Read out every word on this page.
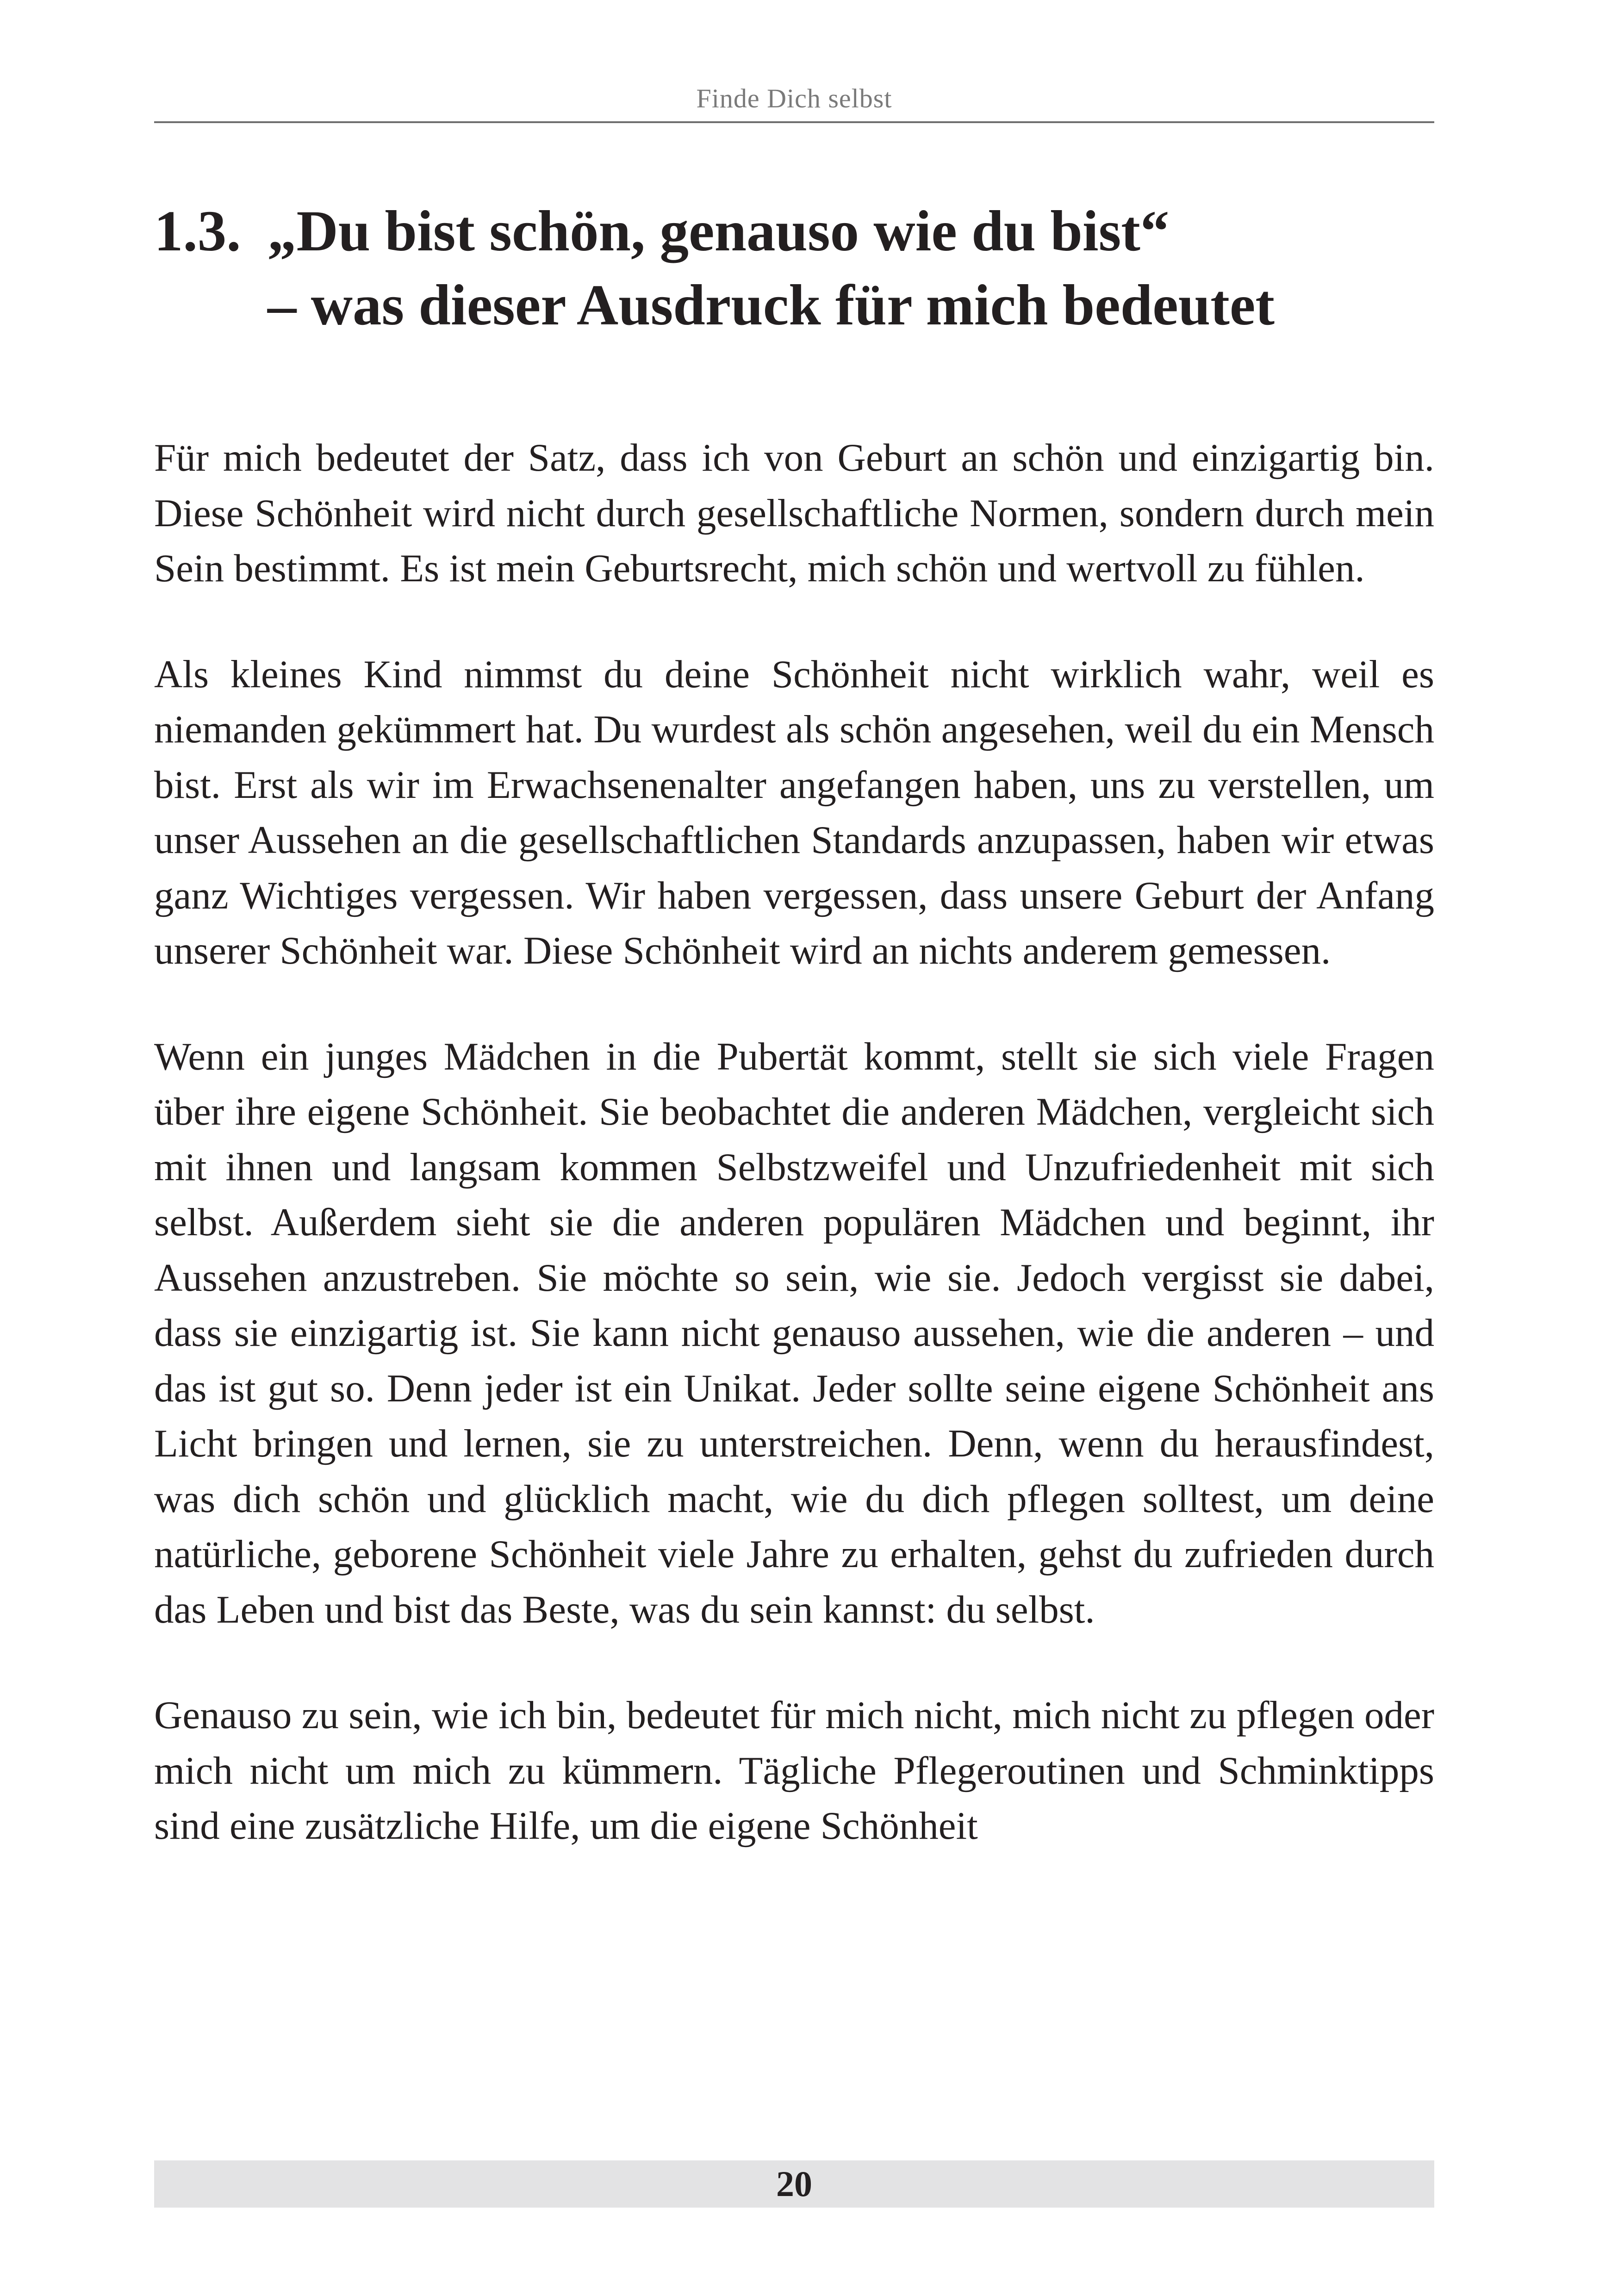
Finde Dich selbst
1.3. „Du bist schön, genauso wie du bist“
– was dieser Ausdruck für mich bedeutet

Für mich bedeutet der Satz, dass ich von Geburt an schön und einzigartig bin. Diese Schönheit wird nicht durch gesellschaftliche Normen, sondern durch mein Sein bestimmt. Es ist mein Geburtsrecht, mich schön und wertvoll zu fühlen.

Als kleines Kind nimmst du deine Schönheit nicht wirklich wahr, weil es niemanden gekümmert hat. Du wurdest als schön angesehen, weil du ein Mensch bist. Erst als wir im Erwachsenenalter angefangen haben, uns zu verstellen, um unser Aussehen an die gesellschaftlichen Standards anzupassen, haben wir etwas ganz Wichtiges vergessen. Wir haben vergessen, dass unsere Geburt der Anfang unserer Schönheit war. Diese Schönheit wird an nichts anderem gemessen.

Wenn ein junges Mädchen in die Pubertät kommt, stellt sie sich viele Fragen über ihre eigene Schönheit. Sie beobachtet die anderen Mädchen, vergleicht sich mit ihnen und langsam kommen Selbstzweifel und Unzufriedenheit mit sich selbst. Außerdem sieht sie die anderen populären Mädchen und beginnt, ihr Aussehen anzustreben. Sie möchte so sein, wie sie. Jedoch vergisst sie dabei, dass sie einzigartig ist. Sie kann nicht genauso aussehen, wie die anderen – und das ist gut so. Denn jeder ist ein Unikat. Jeder sollte seine eigene Schönheit ans Licht bringen und lernen, sie zu unterstreichen. Denn, wenn du herausfindest, was dich schön und glücklich macht, wie du dich pflegen solltest, um deine natürliche, geborene Schönheit viele Jahre zu erhalten, gehst du zufrieden durch das Leben und bist das Beste, was du sein kannst: du selbst.

Genauso zu sein, wie ich bin, bedeutet für mich nicht, mich nicht zu pflegen oder mich nicht um mich zu kümmern. Tägliche Pflegeroutinen und Schminktipps sind eine zusätzliche Hilfe, um die eigene Schönheit

20
